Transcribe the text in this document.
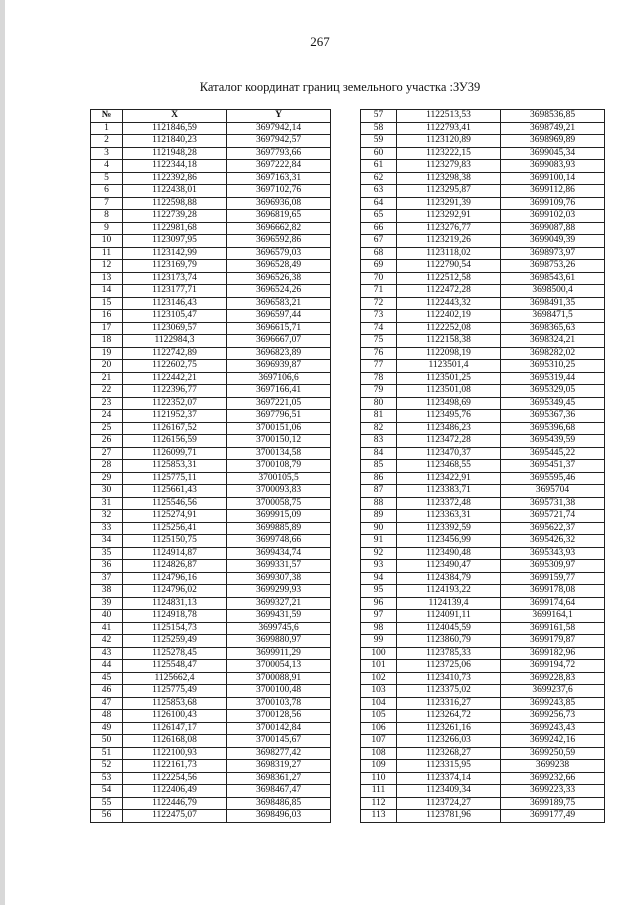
267
Каталог координат границ земельного участка :ЗУ39
№	X	Y
1	1121846,59	3697942,14
2	1121840,23	3697942,57
3	1121948,28	3697793,66
4	1122344,18	3697222,84
5	1122392,86	3697163,31
6	1122438,01	3697102,76
7	1122598,88	3696936,08
8	1122739,28	3696819,65
9	1122981,68	3696662,82
10	1123097,95	3696592,86
11	1123142,99	3696579,03
12	1123169,79	3696528,49
13	1123173,74	3696526,38
14	1123177,71	3696524,26
15	1123146,43	3696583,21
16	1123105,47	3696597,44
17	1123069,57	3696615,71
18	1122984,3	3696667,07
19	1122742,89	3696823,89
20	1122602,75	3696939,87
21	1122442,21	3697106,6
22	1122396,77	3697166,41
23	1122352,07	3697221,05
24	1121952,37	3697796,51
25	1126167,52	3700151,06
26	1126156,59	3700150,12
27	1126099,71	3700134,58
28	1125853,31	3700108,79
29	1125775,11	3700105,5
30	1125661,43	3700093,83
31	1125546,56	3700058,75
32	1125274,91	3699915,09
33	1125256,41	3699885,89
34	1125150,75	3699748,66
35	1124914,87	3699434,74
36	1124826,87	3699331,57
37	1124796,16	3699307,38
38	1124796,02	3699299,93
39	1124831,13	3699327,21
40	1124918,78	3699431,59
41	1125154,73	3699745,6
42	1125259,49	3699880,97
43	1125278,45	3699911,29
44	1125548,47	3700054,13
45	1125662,4	3700088,91
46	1125775,49	3700100,48
47	1125853,68	3700103,78
48	1126100,43	3700128,56
49	1126147,17	3700142,84
50	1126168,08	3700145,67
51	1122100,93	3698277,42
52	1122161,73	3698319,27
53	1122254,56	3698361,27
54	1122406,49	3698467,47
55	1122446,79	3698486,85
56	1122475,07	3698496,03
57	1122513,53	3698536,85
58	1122793,41	3698749,21
59	1123120,89	3698969,89
60	1123222,15	3699045,34
61	1123279,83	3699083,93
62	1123298,38	3699100,14
63	1123295,87	3699112,86
64	1123291,39	3699109,76
65	1123292,91	3699102,03
66	1123276,77	3699087,88
67	1123219,26	3699049,39
68	1123118,02	3698973,97
69	1122790,54	3698753,26
70	1122512,58	3698543,61
71	1122472,28	3698500,4
72	1122443,32	3698491,35
73	1122402,19	3698471,5
74	1122252,08	3698365,63
75	1122158,38	3698324,21
76	1122098,19	3698282,02
77	1123501,4	3695310,25
78	1123501,25	3695319,44
79	1123501,08	3695329,05
80	1123498,69	3695349,45
81	1123495,76	3695367,36
82	1123486,23	3695396,68
83	1123472,28	3695439,59
84	1123470,37	3695445,22
85	1123468,55	3695451,37
86	1123422,91	3695595,46
87	1123383,71	3695704
88	1123372,48	3695731,38
89	1123363,31	3695721,74
90	1123392,59	3695622,37
91	1123456,99	3695426,32
92	1123490,48	3695343,93
93	1123490,47	3695309,97
94	1124384,79	3699159,77
95	1124193,22	3699178,08
96	1124139,4	3699174,64
97	1124091,11	3699164,1
98	1124045,59	3699161,58
99	1123860,79	3699179,87
100	1123785,33	3699182,96
101	1123725,06	3699194,72
102	1123410,73	3699228,83
103	1123375,02	3699237,6
104	1123316,27	3699243,85
105	1123264,72	3699256,73
106	1123261,16	3699243,43
107	1123266,03	3699242,16
108	1123268,27	3699250,59
109	1123315,95	3699238
110	1123374,14	3699232,66
111	1123409,34	3699223,33
112	1123724,27	3699189,75
113	1123781,96	3699177,49
